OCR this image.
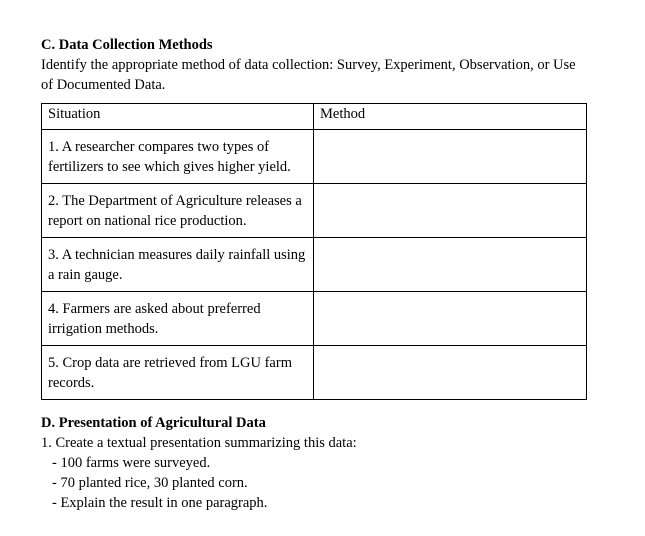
C. Data Collection Methods
Identify the appropriate method of data collection: Survey, Experiment, Observation, or Use of Documented Data.
Situation	Method
1. A researcher compares two types of fertilizers to see which gives higher yield.	
2. The Department of Agriculture releases a report on national rice production.	
3. A technician measures daily rainfall using a rain gauge.	
4. Farmers are asked about preferred irrigation methods.	
5. Crop data are retrieved from LGU farm records.	
D. Presentation of Agricultural Data
1. Create a textual presentation summarizing this data:
- 100 farms were surveyed.
- 70 planted rice, 30 planted corn.
- Explain the result in one paragraph.
